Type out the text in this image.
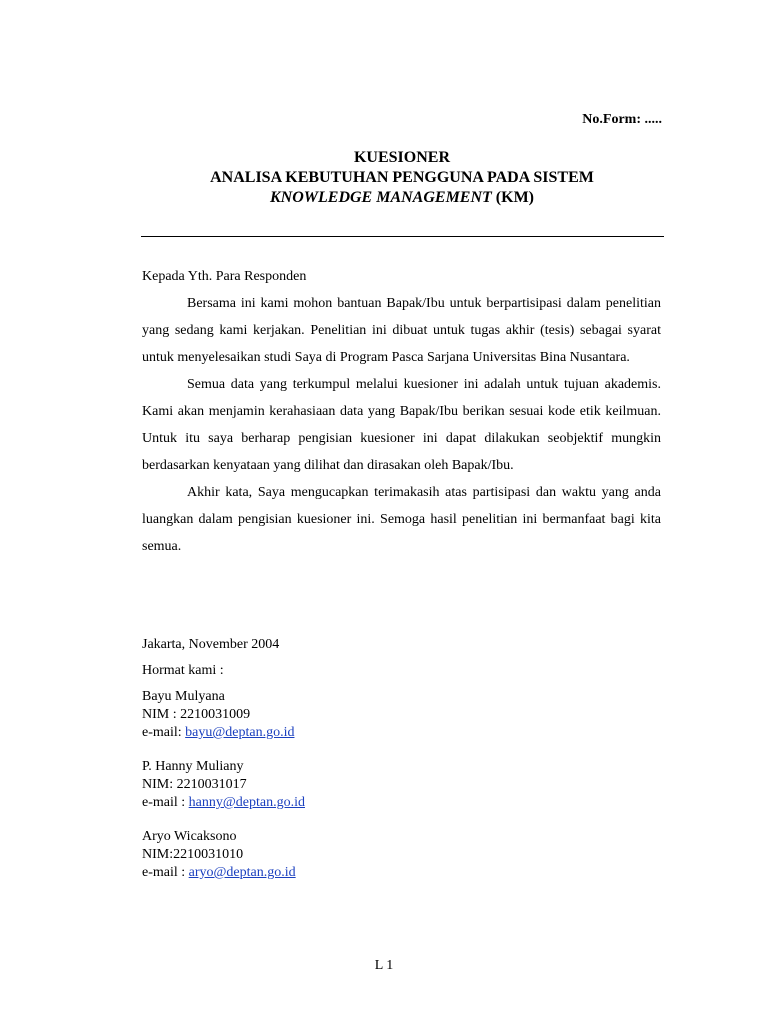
No.Form: .....
KUESIONER
ANALISA KEBUTUHAN PENGGUNA PADA SISTEM
KNOWLEDGE MANAGEMENT (KM)

Kepada Yth. Para Responden

Bersama ini kami mohon bantuan Bapak/Ibu untuk berpartisipasi dalam penelitian yang sedang kami kerjakan. Penelitian ini dibuat untuk tugas akhir (tesis) sebagai syarat untuk menyelesaikan studi Saya di Program Pasca Sarjana Universitas Bina Nusantara.

Semua data yang terkumpul melalui kuesioner ini adalah untuk tujuan akademis. Kami akan menjamin kerahasiaan data yang Bapak/Ibu berikan sesuai kode etik keilmuan. Untuk itu saya berharap pengisian kuesioner ini dapat dilakukan seobjektif mungkin berdasarkan kenyataan yang dilihat dan dirasakan oleh Bapak/Ibu.

Akhir kata, Saya mengucapkan terimakasih atas partisipasi dan waktu yang anda luangkan dalam pengisian kuesioner ini. Semoga hasil penelitian ini bermanfaat bagi kita semua.

Jakarta, November 2004
Hormat kami :
Bayu Mulyana
NIM : 2210031009
e-mail: bayu@deptan.go.id
P. Hanny Muliany
NIM: 2210031017
e-mail : hanny@deptan.go.id
Aryo Wicaksono
NIM:2210031010
e-mail : aryo@deptan.go.id
L 1
